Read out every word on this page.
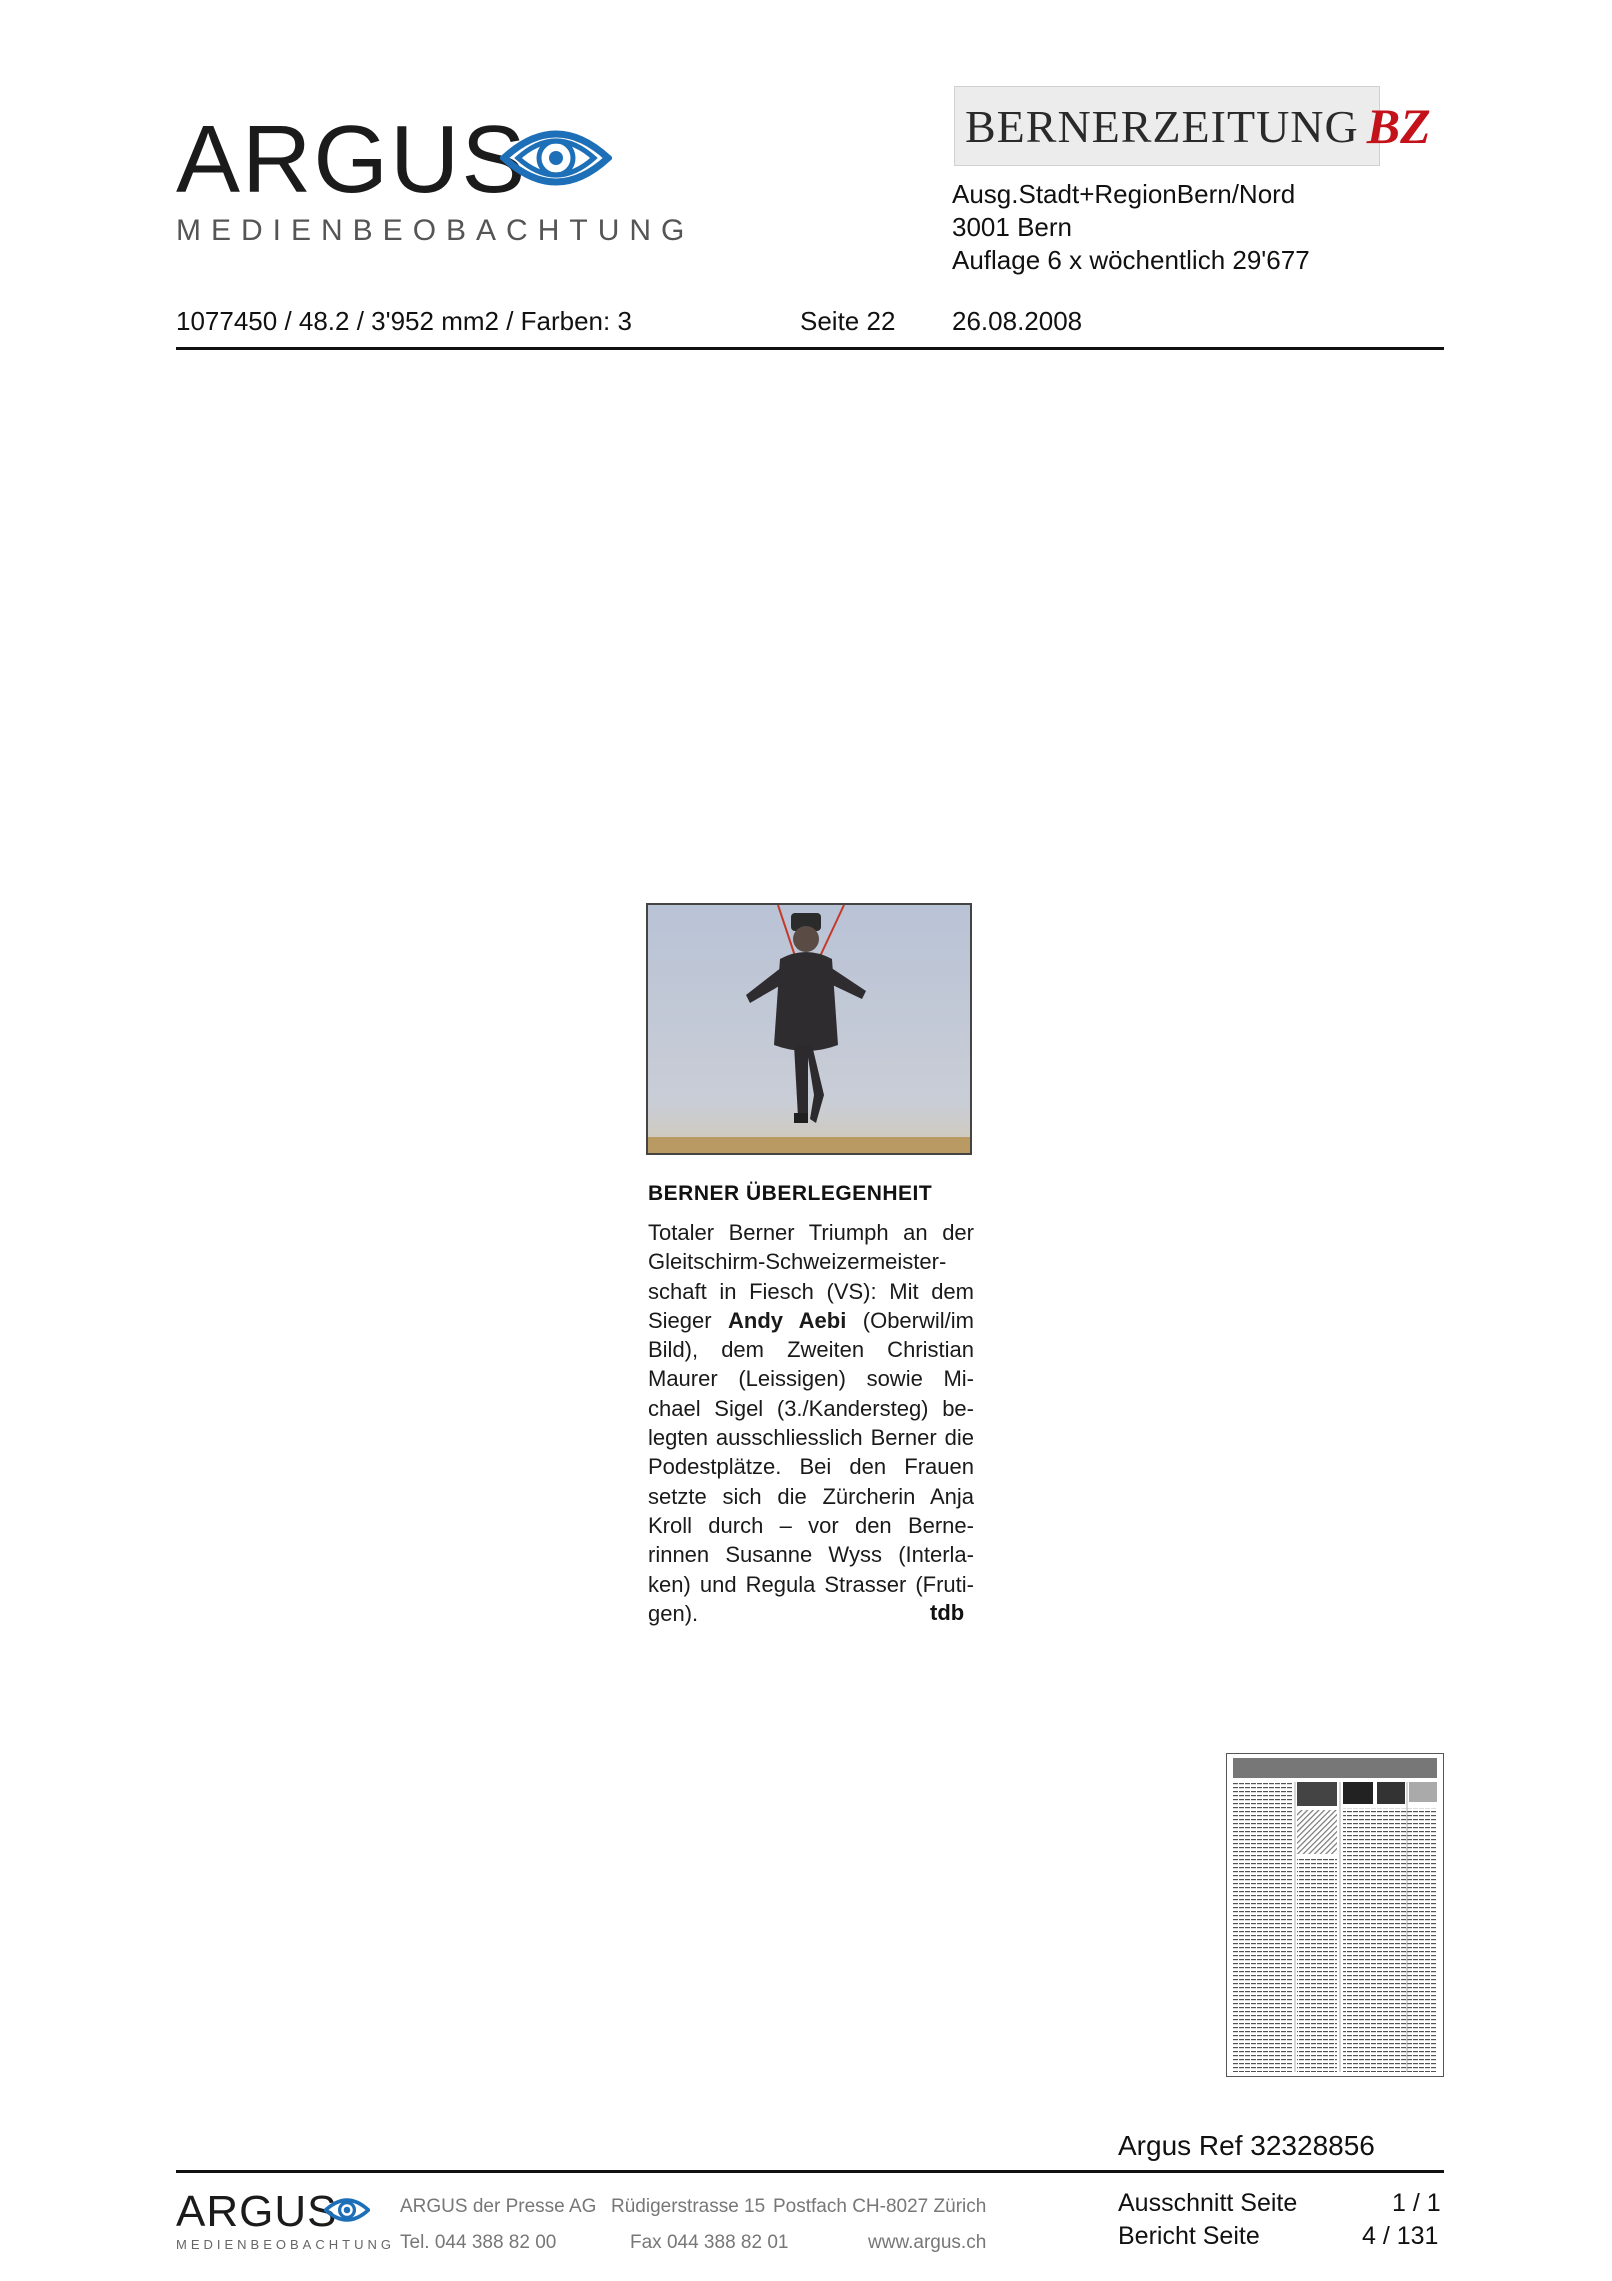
ARGUS
MEDIENBEOBACHTUNG
BERNERZEITUNG BZ
Ausg.Stadt+RegionBern/Nord
3001 Bern
Auflage 6 x wöchentlich 29'677
1077450 / 48.2 / 3'952 mm2 / Farben: 3	Seite 22 26.08.2008
BERNER ÜBERLEGENHEIT
Totaler Berner Triumph an der Gleitschirm-Schweizermeisterschaft in Fiesch (VS): Mit dem Sieger Andy Aebi (Oberwil/im Bild), dem Zweiten Christian Maurer (Leissigen) sowie Michael Sigel (3./Kandersteg) belegten ausschliesslich Berner die Podestplätze. Bei den Frauen setzte sich die Zürcherin Anja Kroll durch – vor den Bernerinnen Susanne Wyss (Interlaken) und Regula Strasser (Frutigen).	tdb
Argus Ref 32328856
ARGUS
MEDIENBEOBACHTUNG
ARGUS der Presse AG Rüdigerstrasse 15 Postfach CH-8027 Zürich
Tel. 044 388 82 00	Fax 044 388 82 01	www.argus.ch
Ausschnitt Seite	1 / 1
Bericht Seite	4 / 131
